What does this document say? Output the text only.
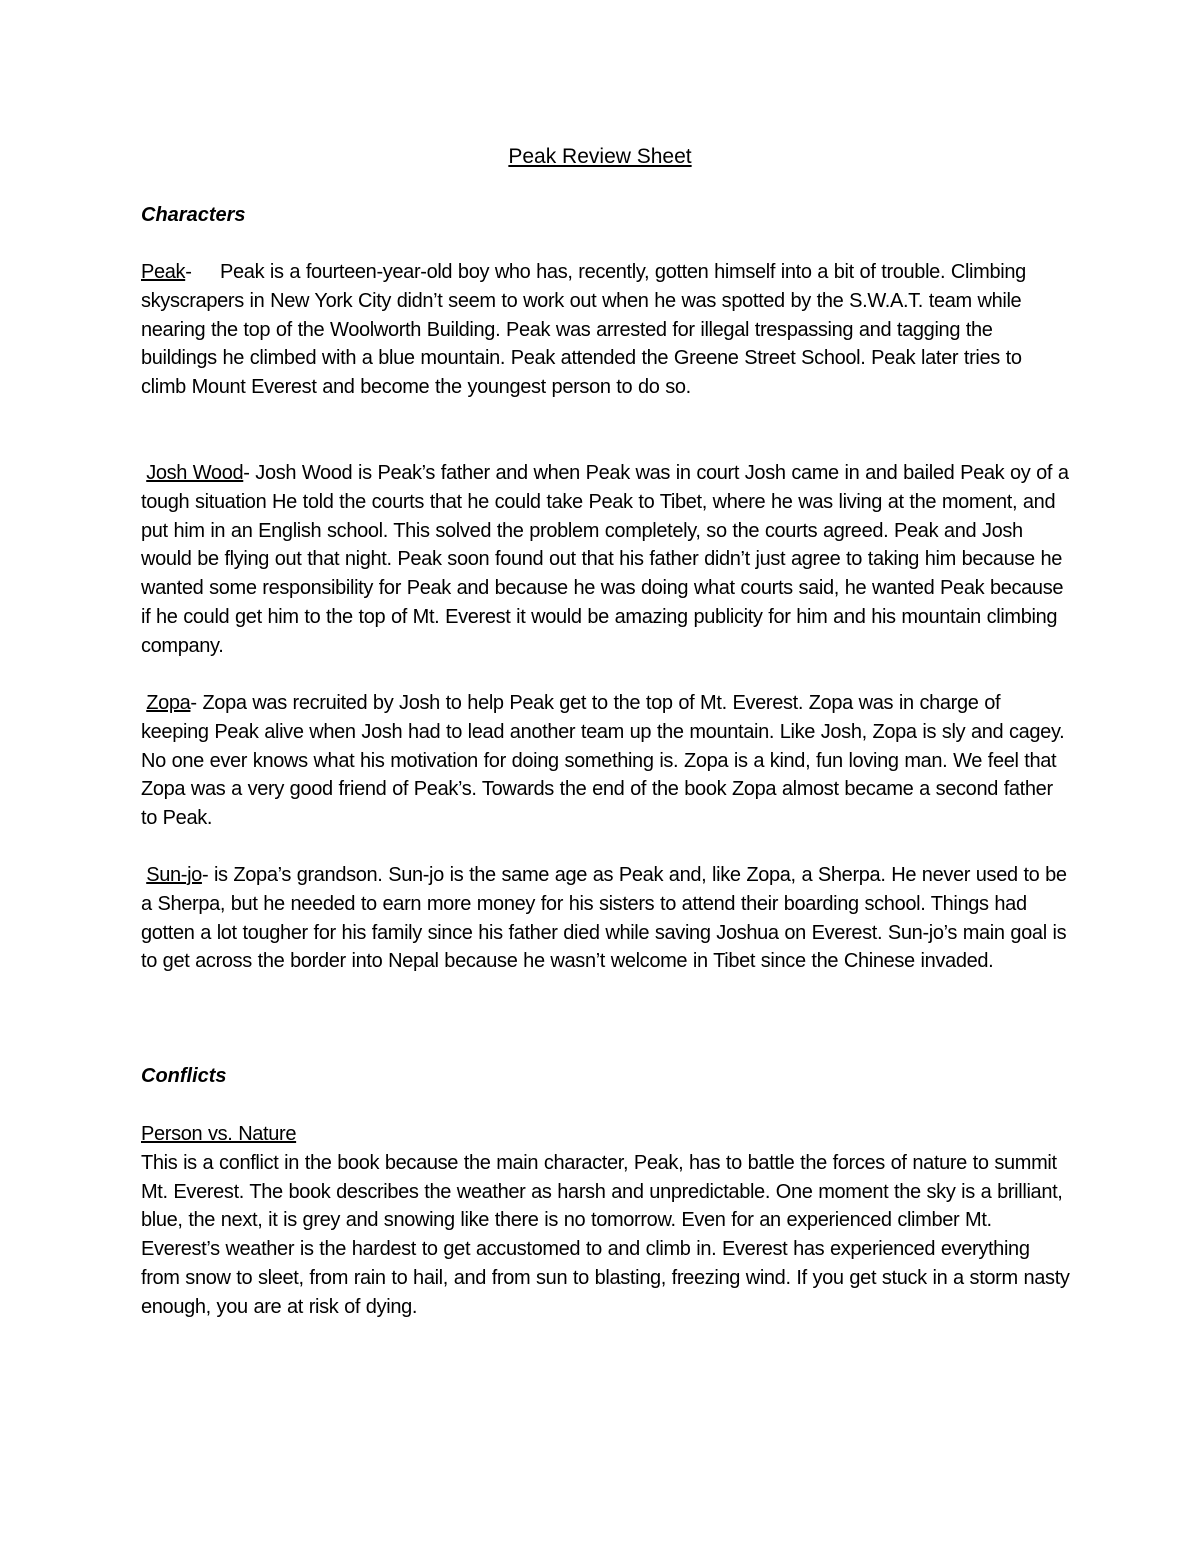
Peak Review Sheet
Characters

Peak-     Peak is a fourteen-year-old boy who has, recently, gotten himself into a bit of trouble. Climbing skyscrapers in New York City didn’t seem to work out when he was spotted by the S.W.A.T. team while nearing the top of the Woolworth Building. Peak was arrested for illegal trespassing and tagging the buildings he climbed with a blue mountain. Peak attended the Greene Street School. Peak later tries to climb Mount Everest and become the youngest person to do so.

Josh Wood- Josh Wood is Peak’s father and when Peak was in court Josh came in and bailed Peak oy of a tough situation He told the courts that he could take Peak to Tibet, where he was living at the moment, and put him in an English school. This solved the problem completely, so the courts agreed. Peak and Josh would be flying out that night. Peak soon found out that his father didn’t just agree to taking him because he wanted some responsibility for Peak and because he was doing what courts said, he wanted Peak because if he could get him to the top of Mt. Everest it would be amazing publicity for him and his mountain climbing company.

Zopa- Zopa was recruited by Josh to help Peak get to the top of Mt. Everest. Zopa was in charge of keeping Peak alive when Josh had to lead another team up the mountain. Like Josh, Zopa is sly and cagey. No one ever knows what his motivation for doing something is. Zopa is a kind, fun loving man. We feel that Zopa was a very good friend of Peak’s. Towards the end of the book Zopa almost became a second father to Peak.

Sun-jo- is Zopa’s grandson. Sun-jo is the same age as Peak and, like Zopa, a Sherpa. He never used to be a Sherpa, but he needed to earn more money for his sisters to attend their boarding school. Things had gotten a lot tougher for his family since his father died while saving Joshua on Everest. Sun-jo’s main goal is to get across the border into Nepal because he wasn’t welcome in Tibet since the Chinese invaded.

Conflicts

Person vs. Nature
This is a conflict in the book because the main character, Peak, has to battle the forces of nature to summit Mt. Everest. The book describes the weather as harsh and unpredictable. One moment the sky is a brilliant, blue, the next, it is grey and snowing like there is no tomorrow. Even for an experienced climber Mt. Everest’s weather is the hardest to get accustomed to and climb in. Everest has experienced everything from snow to sleet, from rain to hail, and from sun to blasting, freezing wind. If you get stuck in a storm nasty enough, you are at risk of dying.
